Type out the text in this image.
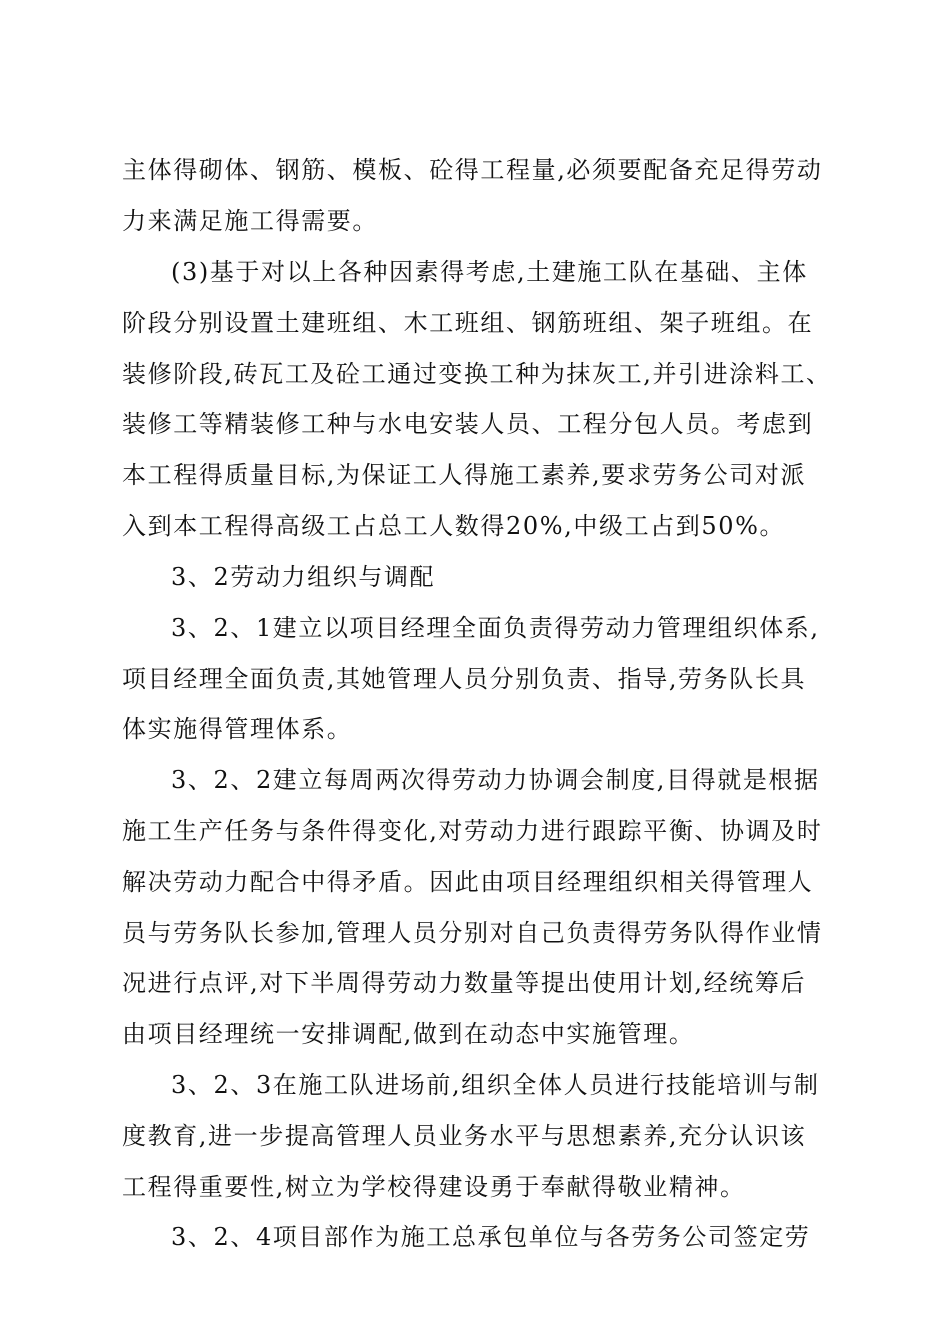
主体得砌体、钢筋、模板、砼得工程量,必须要配备充足得劳动
力来满足施工得需要。
(3)基于对以上各种因素得考虑,土建施工队在基础、主体
阶段分别设置土建班组、木工班组、钢筋班组、架子班组。在
装修阶段,砖瓦工及砼工通过变换工种为抹灰工,并引进涂料工、
装修工等精装修工种与水电安装人员、工程分包人员。考虑到
本工程得质量目标,为保证工人得施工素养,要求劳务公司对派
入到本工程得高级工占总工人数得20%,中级工占到50%。
3、2劳动力组织与调配
3、2、1建立以项目经理全面负责得劳动力管理组织体系,
项目经理全面负责,其她管理人员分别负责、指导,劳务队长具
体实施得管理体系。
3、2、2建立每周两次得劳动力协调会制度,目得就是根据
施工生产任务与条件得变化,对劳动力进行跟踪平衡、协调及时
解决劳动力配合中得矛盾。因此由项目经理组织相关得管理人
员与劳务队长参加,管理人员分别对自己负责得劳务队得作业情
况进行点评,对下半周得劳动力数量等提出使用计划,经统筹后
由项目经理统一安排调配,做到在动态中实施管理。
3、2、3在施工队进场前,组织全体人员进行技能培训与制
度教育,进一步提高管理人员业务水平与思想素养,充分认识该
工程得重要性,树立为学校得建设勇于奉献得敬业精神。
3、2、4项目部作为施工总承包单位与各劳务公司签定劳
